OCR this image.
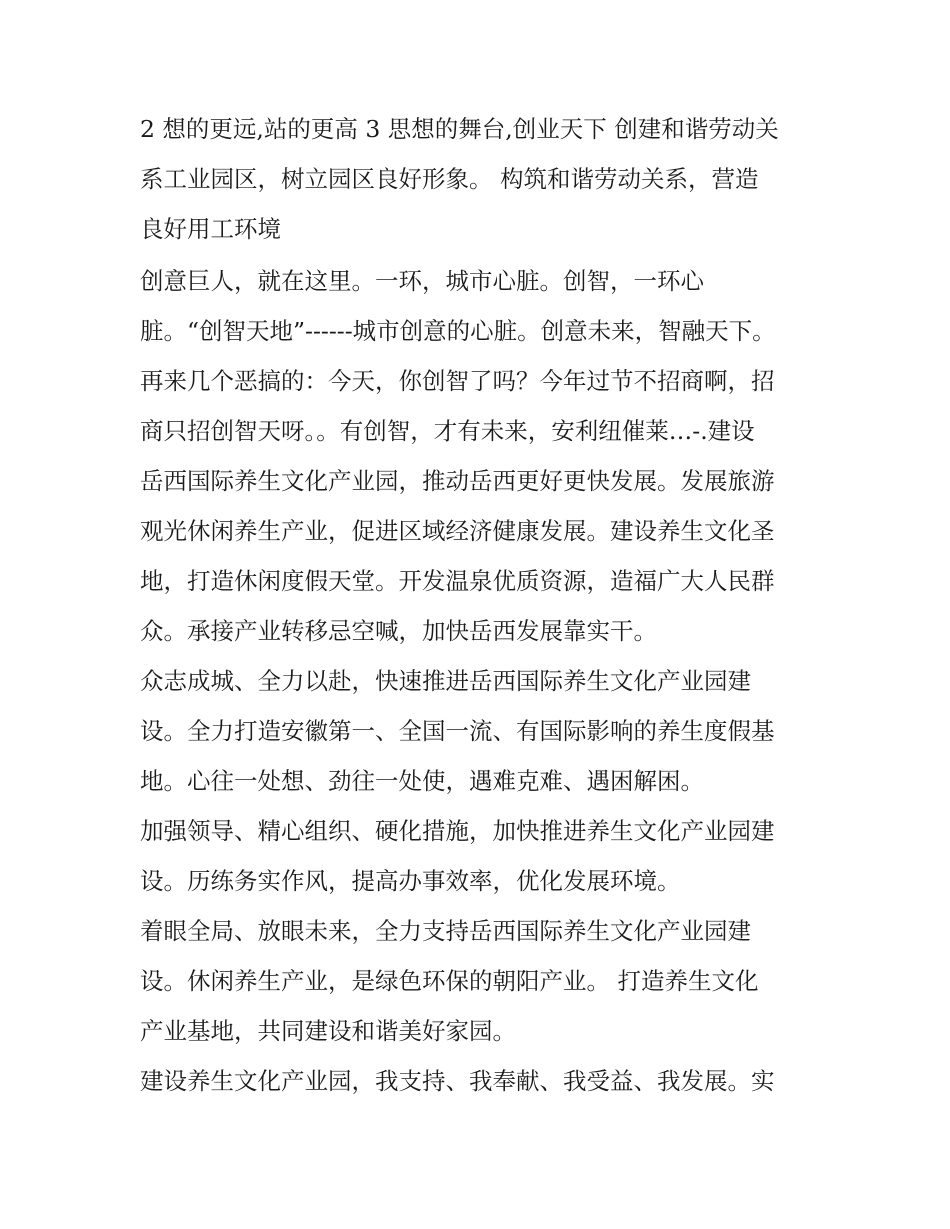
2 想的更远,站的更高 3 思想的舞台,创业天下 创建和谐劳动关
系工业园区，树立园区良好形象。 构筑和谐劳动关系，营造
良好用工环境
创意巨人，就在这里。一环，城市心脏。创智，一环心
脏。“创智天地”------城市创意的心脏。创意未来，智融天下。
再来几个恶搞的：今天，你创智了吗？今年过节不招商啊，招
商只招创智天呀。。有创智，才有未来，安利纽催莱…-.建设
岳西国际养生文化产业园，推动岳西更好更快发展。发展旅游
观光休闲养生产业，促进区域经济健康发展。建设养生文化圣
地，打造休闲度假天堂。开发温泉优质资源，造福广大人民群
众。承接产业转移忌空喊，加快岳西发展靠实干。
众志成城、全力以赴，快速推进岳西国际养生文化产业园建
设。全力打造安徽第一、全国一流、有国际影响的养生度假基
地。心往一处想、劲往一处使，遇难克难、遇困解困。
加强领导、精心组织、硬化措施，加快推进养生文化产业园建
设。历练务实作风，提高办事效率，优化发展环境。
着眼全局、放眼未来，全力支持岳西国际养生文化产业园建
设。休闲养生产业，是绿色环保的朝阳产业。 打造养生文化
产业基地，共同建设和谐美好家园。
建设养生文化产业园，我支持、我奉献、我受益、我发展。实
